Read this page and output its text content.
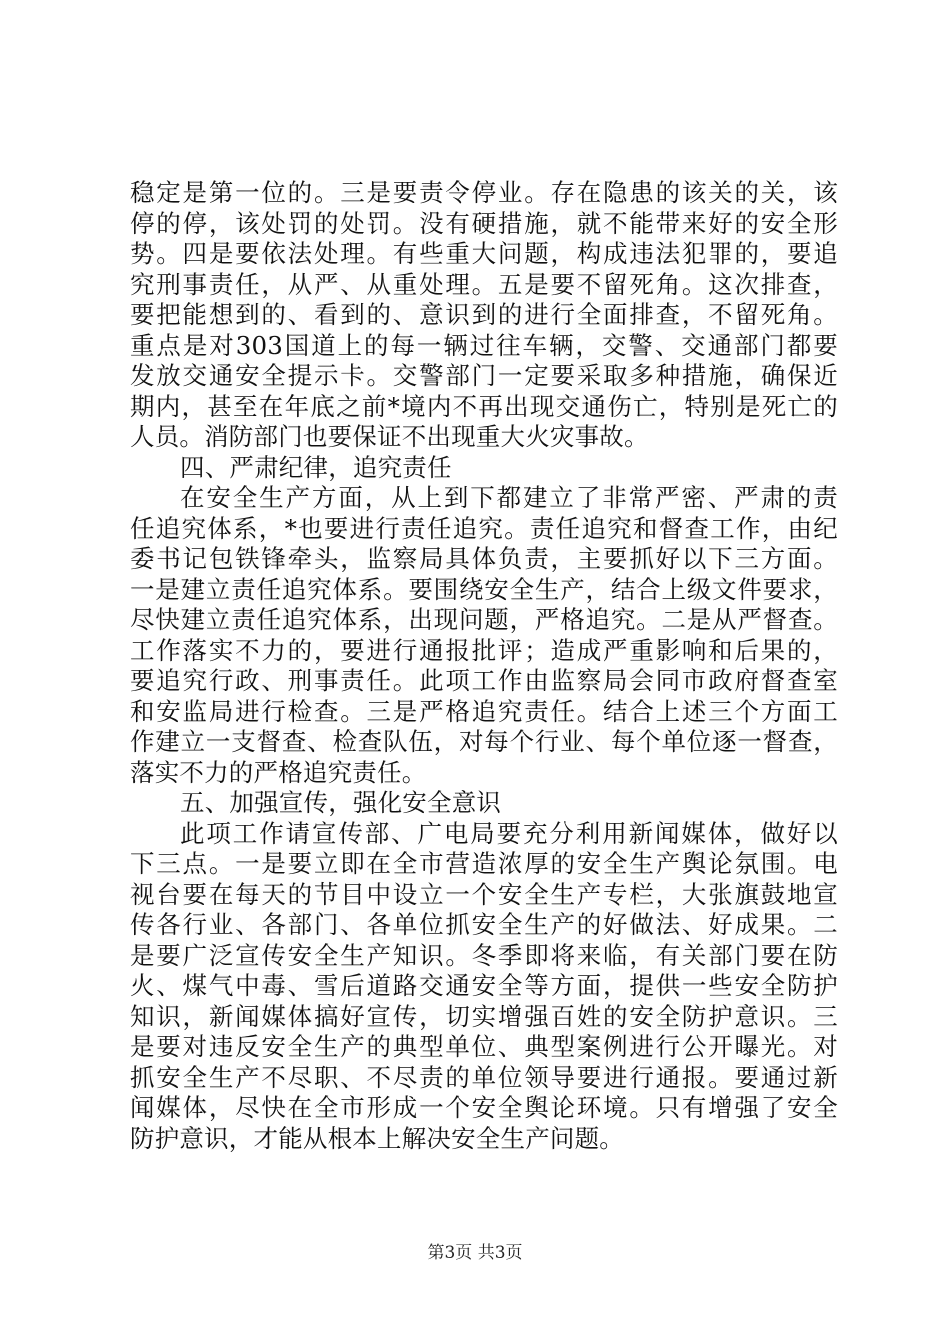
稳定是第一位的。三是要责令停业。存在隐患的该关的关，该
停的停，该处罚的处罚。没有硬措施，就不能带来好的安全形
势。四是要依法处理。有些重大问题，构成违法犯罪的，要追
究刑事责任，从严、从重处理。五是要不留死角。这次排查，
要把能想到的、看到的、意识到的进行全面排查，不留死角。
重点是对303国道上的每一辆过往车辆，交警、交通部门都要
发放交通安全提示卡。交警部门一定要采取多种措施，确保近
期内，甚至在年底之前*境内不再出现交通伤亡，特别是死亡的
人员。消防部门也要保证不出现重大火灾事故。
四、严肃纪律，追究责任
在安全生产方面，从上到下都建立了非常严密、严肃的责
任追究体系，*也要进行责任追究。责任追究和督查工作，由纪
委书记包铁锋牵头，监察局具体负责，主要抓好以下三方面。
一是建立责任追究体系。要围绕安全生产，结合上级文件要求，
尽快建立责任追究体系，出现问题，严格追究。二是从严督查。
工作落实不力的，要进行通报批评；造成严重影响和后果的，
要追究行政、刑事责任。此项工作由监察局会同市政府督查室
和安监局进行检查。三是严格追究责任。结合上述三个方面工
作建立一支督查、检查队伍，对每个行业、每个单位逐一督查，
落实不力的严格追究责任。
五、加强宣传，强化安全意识
此项工作请宣传部、广电局要充分利用新闻媒体，做好以
下三点。一是要立即在全市营造浓厚的安全生产舆论氛围。电
视台要在每天的节目中设立一个安全生产专栏，大张旗鼓地宣
传各行业、各部门、各单位抓安全生产的好做法、好成果。二
是要广泛宣传安全生产知识。冬季即将来临，有关部门要在防
火、煤气中毒、雪后道路交通安全等方面，提供一些安全防护
知识，新闻媒体搞好宣传，切实增强百姓的安全防护意识。三
是要对违反安全生产的典型单位、典型案例进行公开曝光。对
抓安全生产不尽职、不尽责的单位领导要进行通报。要通过新
闻媒体，尽快在全市形成一个安全舆论环境。只有增强了安全
防护意识，才能从根本上解决安全生产问题。
第3页 共3页
